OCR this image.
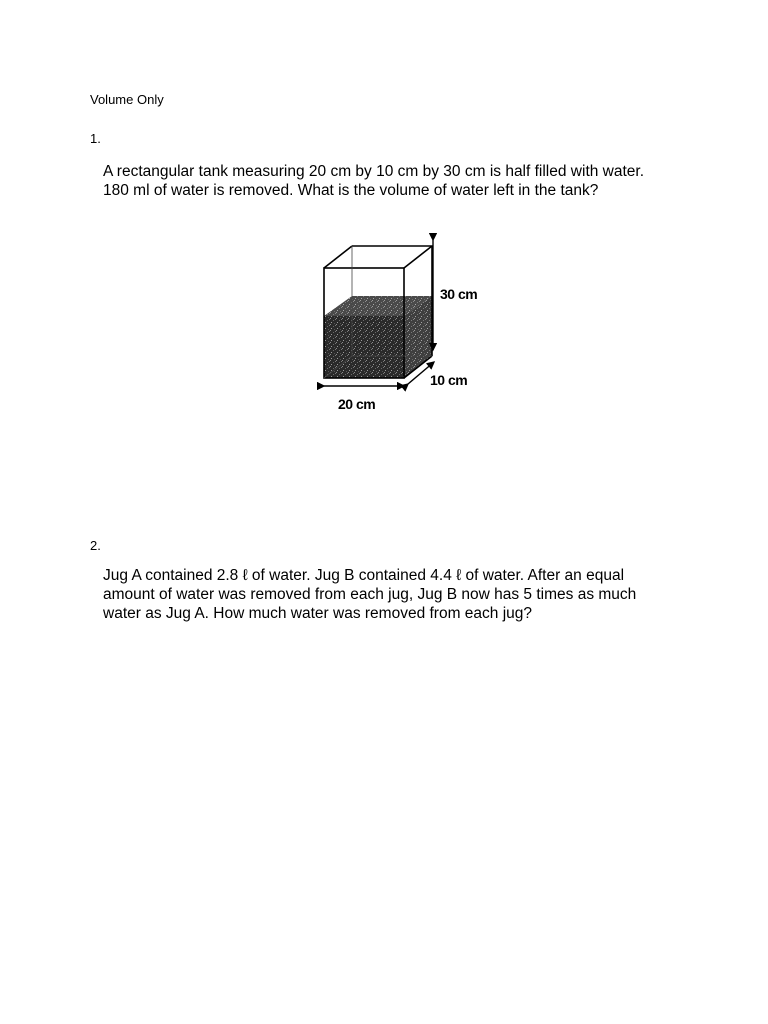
Volume Only
1.
A rectangular tank measuring 20 cm by 10 cm by 30 cm is half filled with water.
180 ml of water is removed. What is the volume of water left in the tank?
30 cm
10 cm
20 cm
2.
Jug A contained 2.8 ℓ of water. Jug B contained 4.4 ℓ of water. After an equal
amount of water was removed from each jug, Jug B now has 5 times as much
water as Jug A. How much water was removed from each jug?
